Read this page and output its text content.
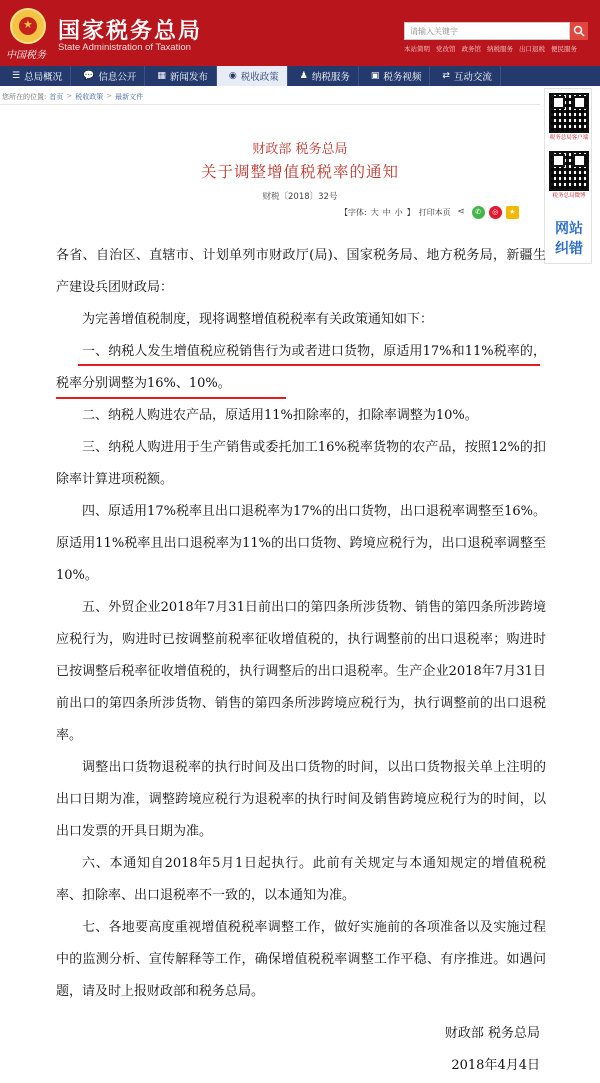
★
中国税务
国家税务总局
State Administration of Taxation
请输入关键字
本站简明 党改馆 政务馆 纳税服务 出口退税 便民服务
☰ 总局概况 💬 信息公开 ▦ 新闻发布 ◉ 税收政策 ♟ 纳税服务 ▣ 税务视频 ⇄ 互动交流
您所在的位置: 首页 > 税收政策 > 最新文件
税务总局客户端
税务总局微博
网站
纠错
财政部 税务总局
关于调整增值税税率的通知
财税〔2018〕32号
【字体: 大 中 小 】 打印本页 ⋖	✆	◎	★

各省、自治区、直辖市、计划单列市财政厅(局)、国家税务局、地方税务局，新疆生产建设兵团财政局：

为完善增值税制度，现将调整增值税税率有关政策通知如下：

一、纳税人发生增值税应税销售行为或者进口货物，原适用17%和11%税率的，税率分别调整为16%、10%。

二、纳税人购进农产品，原适用11%扣除率的，扣除率调整为10%。

三、纳税人购进用于生产销售或委托加工16%税率货物的农产品，按照12%的扣除率计算进项税额。

四、原适用17%税率且出口退税率为17%的出口货物，出口退税率调整至16%。原适用11%税率且出口退税率为11%的出口货物、跨境应税行为，出口退税率调整至10%。

五、外贸企业2018年7月31日前出口的第四条所涉货物、销售的第四条所涉跨境应税行为，购进时已按调整前税率征收增值税的，执行调整前的出口退税率；购进时已按调整后税率征收增值税的，执行调整后的出口退税率。生产企业2018年7月31日前出口的第四条所涉货物、销售的第四条所涉跨境应税行为，执行调整前的出口退税率。

调整出口货物退税率的执行时间及出口货物的时间，以出口货物报关单上注明的出口日期为准，调整跨境应税行为退税率的执行时间及销售跨境应税行为的时间，以出口发票的开具日期为准。

六、本通知自2018年5月1日起执行。此前有关规定与本通知规定的增值税税率、扣除率、出口退税率不一致的，以本通知为准。

七、各地要高度重视增值税税率调整工作，做好实施前的各项准备以及实施过程中的监测分析、宣传解释等工作，确保增值税税率调整工作平稳、有序推进。如遇问题，请及时上报财政部和税务总局。

财政部 税务总局
2018年4月4日
